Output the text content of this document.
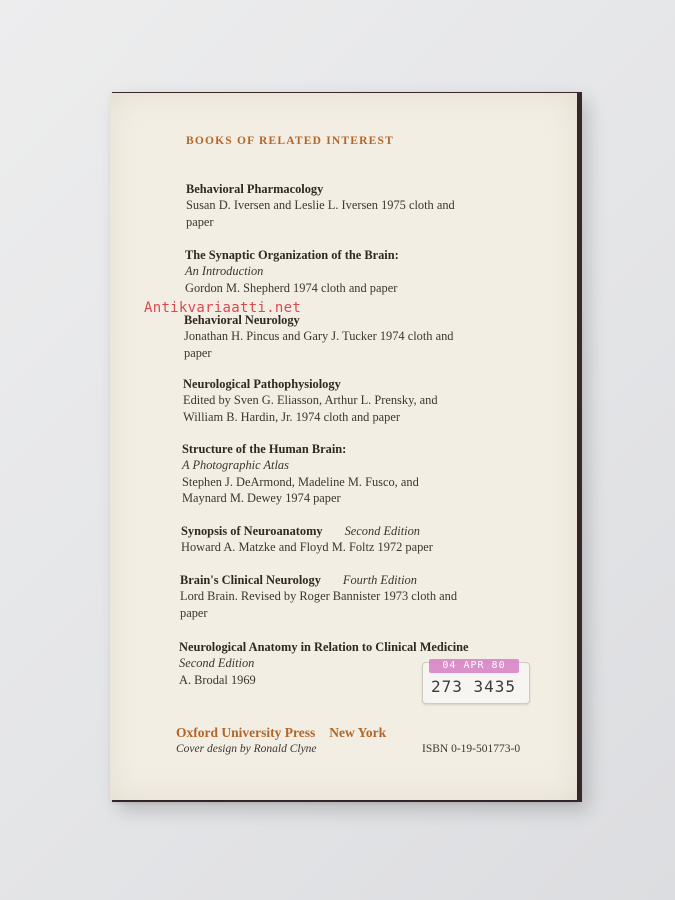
BOOKS OF RELATED INTEREST
Behavioral Pharmacology
Susan D. Iversen and Leslie L. Iversen 1975 cloth and
paper
The Synaptic Organization of the Brain:
An Introduction
Gordon M. Shepherd 1974 cloth and paper
Behavioral Neurology
Jonathan H. Pincus and Gary J. Tucker 1974 cloth and
paper
Neurological Pathophysiology
Edited by Sven G. Eliasson, Arthur L. Prensky, and
William B. Hardin, Jr. 1974 cloth and paper
Structure of the Human Brain:
A Photographic Atlas
Stephen J. DeArmond, Madeline M. Fusco, and
Maynard M. Dewey 1974 paper
Synopsis of Neuroanatomy Second Edition
Howard A. Matzke and Floyd M. Foltz 1972 paper
Brain's Clinical Neurology Fourth Edition
Lord Brain. Revised by Roger Bannister 1973 cloth and
paper
Neurological Anatomy in Relation to Clinical Medicine
Second Edition
A. Brodal 1969
04 APR 80
273 3435
Oxford University Press New York
Cover design by Ronald Clyne	ISBN 0-19-501773-0
Antikvariaatti.net
